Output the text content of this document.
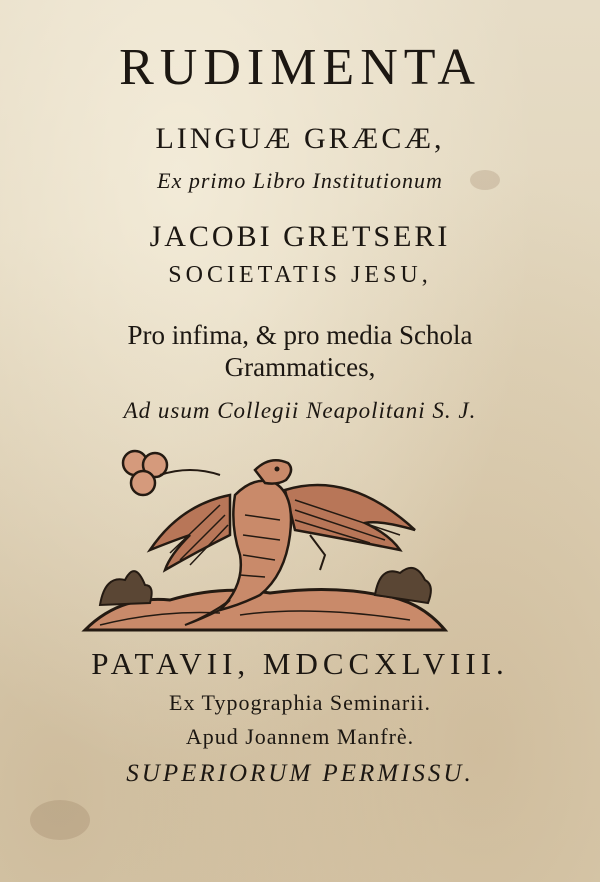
RUDIMENTA
LINGUÆ GRÆCÆ,
Ex primo Libro Institutionum
JACOBI GRETSERI
SOCIETATIS JESU,
Pro infima, & pro media Schola
Grammatices,
Ad usum Collegii Neapolitani S. J.
PATAVII, MDCCXLVIII.
Ex Typographia Seminarii.
Apud Joannem Manfrè.
SUPERIORUM PERMISSU.
